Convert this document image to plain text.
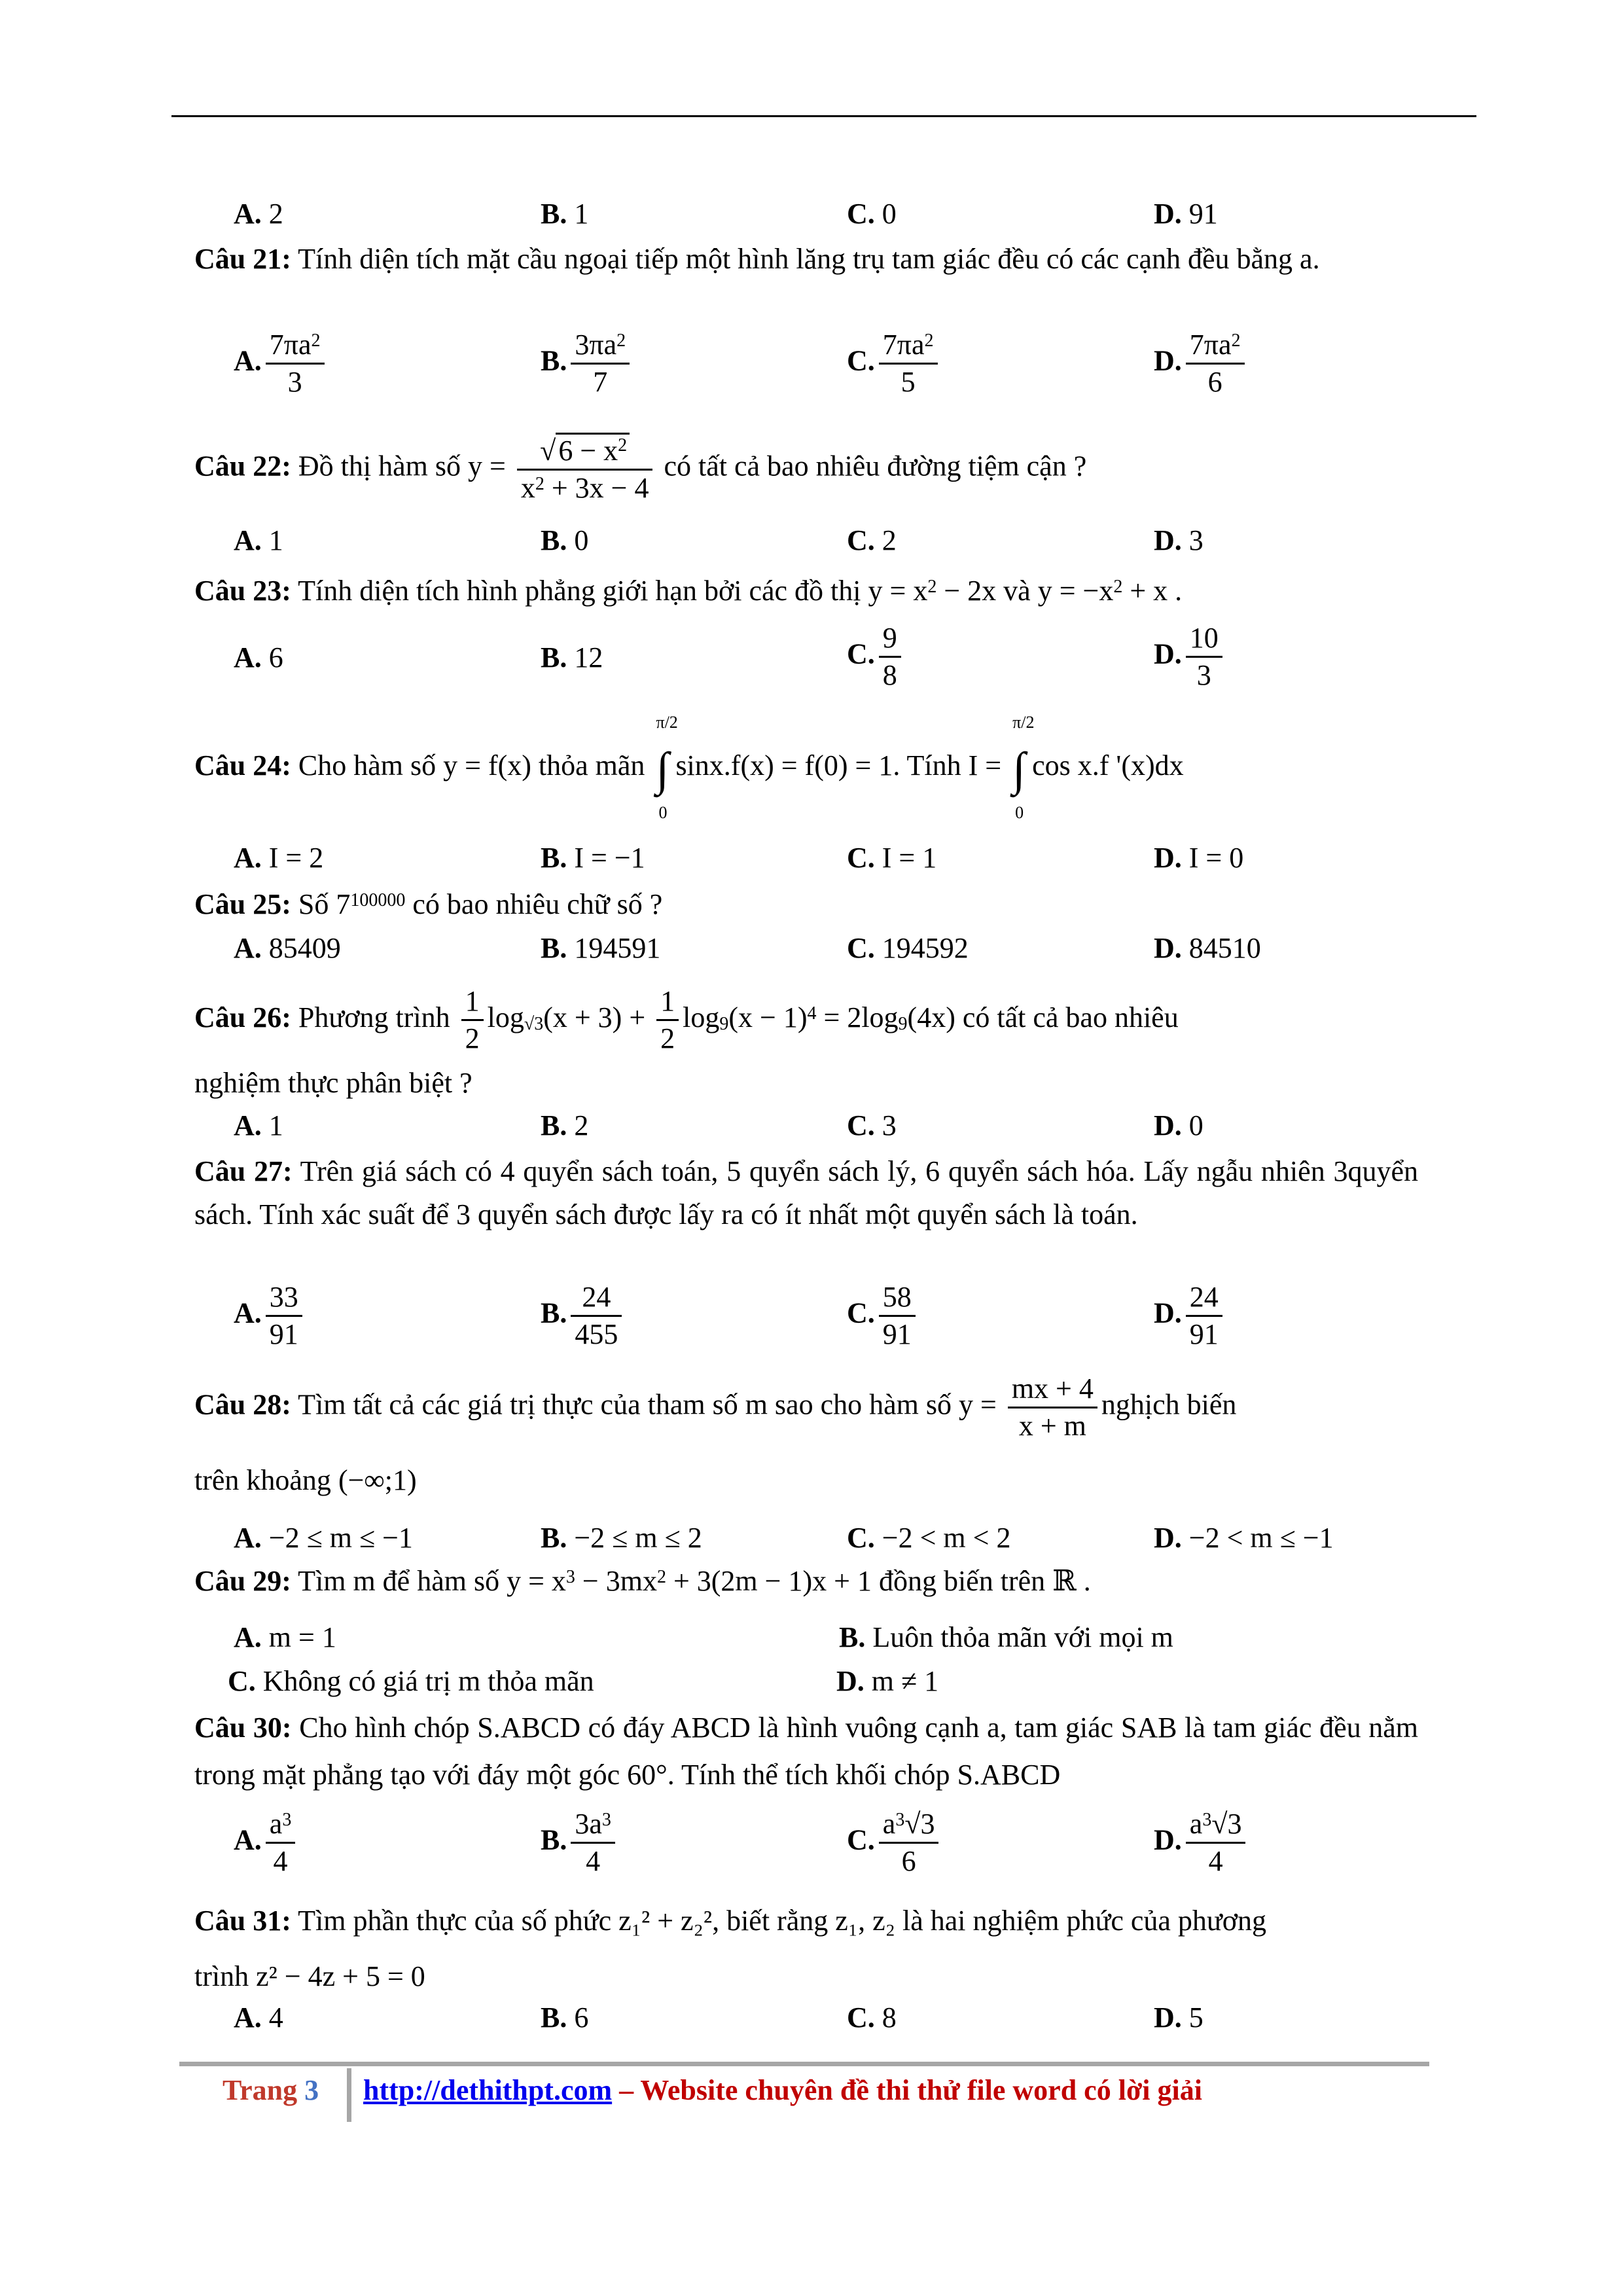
A. 2	B. 1	C. 0	D. 91
Câu 21: Tính diện tích mặt cầu ngoại tiếp một hình lăng trụ tam giác đều có các cạnh đều bằng a.
A. $\frac{7\pi a^2}{3}$	B. $\frac{3\pi a^2}{7}$	C. $\frac{7\pi a^2}{5}$	D. $\frac{7\pi a^2}{6}$
Câu 22: Đồ thị hàm số $y = \frac{√6 - x^2}{x^2 + 3x - 4}$ có tất cả bao nhiêu đường tiệm cận ?
A. 1	B. 0	C. 2	D. 3
Câu 23: Tính diện tích hình phẳng giới hạn bởi các đồ thị $y = x^2 - 2x$ và $y = -x^2 + x$ .
A. 6	B. 12	C. $\frac{9}{8}$	D. $\frac{10}{3}$
Câu 24: Cho hàm số y = f(x) thỏa mãn
π/2
∫
0
sinx.f(x) = f(0) = 1. Tính I =
π/2
∫
0
cos x.f '(x)dx
A. I = 2	B. I = −1	C. I = 1	D. I = 0
Câu 25: Số $7^{100000}$ có bao nhiêu chữ số ?
A. 85409	B. 194591	C. 194592	D. 84510
Câu 26: Phương trình $\frac{1}{2} \log√3(x + 3) + \frac{1}{2} \log 9(x - 1)^4 = 2\log 9(4x)$ có tất cả bao nhiêu
nghiệm thực phân biệt ?
A. 1	B. 2	C. 3	D. 0
Câu 27: Trên giá sách có 4 quyển sách toán, 5 quyển sách lý, 6 quyển sách hóa. Lấy ngẫu nhiên 3quyển sách. Tính xác suất để 3 quyển sách được lấy ra có ít nhất một quyển sách là toán.
A. $\frac{33}{91}$	B. $\frac{24}{455}$	C. $\frac{58}{91}$	D. $\frac{24}{91}$
Câu 28: Tìm tất cả các giá trị thực của tham số m sao cho hàm số $y = \frac{mx + 4}{x + m}$ nghịch biến
trên khoảng (−∞;1)
A. −2 ≤ m ≤ −1	B. −2 ≤ m ≤ 2	C. −2 < m < 2	D. −2 < m ≤ −1
Câu 29: Tìm m để hàm số $y = x^3 - 3mx^2 + 3(2m - 1)x + 1$ đồng biến trên ℝ .
A. m = 1	B. Luôn thỏa mãn với mọi m
C. Không có giá trị m thỏa mãn	D. m ≠ 1
Câu 30: Cho hình chóp S.ABCD có đáy ABCD là hình vuông cạnh a, tam giác SAB là tam giác đều nằm trong mặt phẳng tạo với đáy một góc 60°. Tính thể tích khối chóp S.ABCD
A. $\frac{a^3}{4}$	B. $\frac{3a^3}{4}$	C. $\frac{a^3√3}{6}$	D. $\frac{a^3√3}{4}$
Câu 31: Tìm phần thực của số phức z₁² + z₂², biết rằng z₁, z₂ là hai nghiệm phức của phương
trình z² − 4z + 5 = 0
A. 4	B. 6	C. 8	D. 5
Trang 3 http://dethithpt.com – Website chuyên đề thi thử file word có lời giải
